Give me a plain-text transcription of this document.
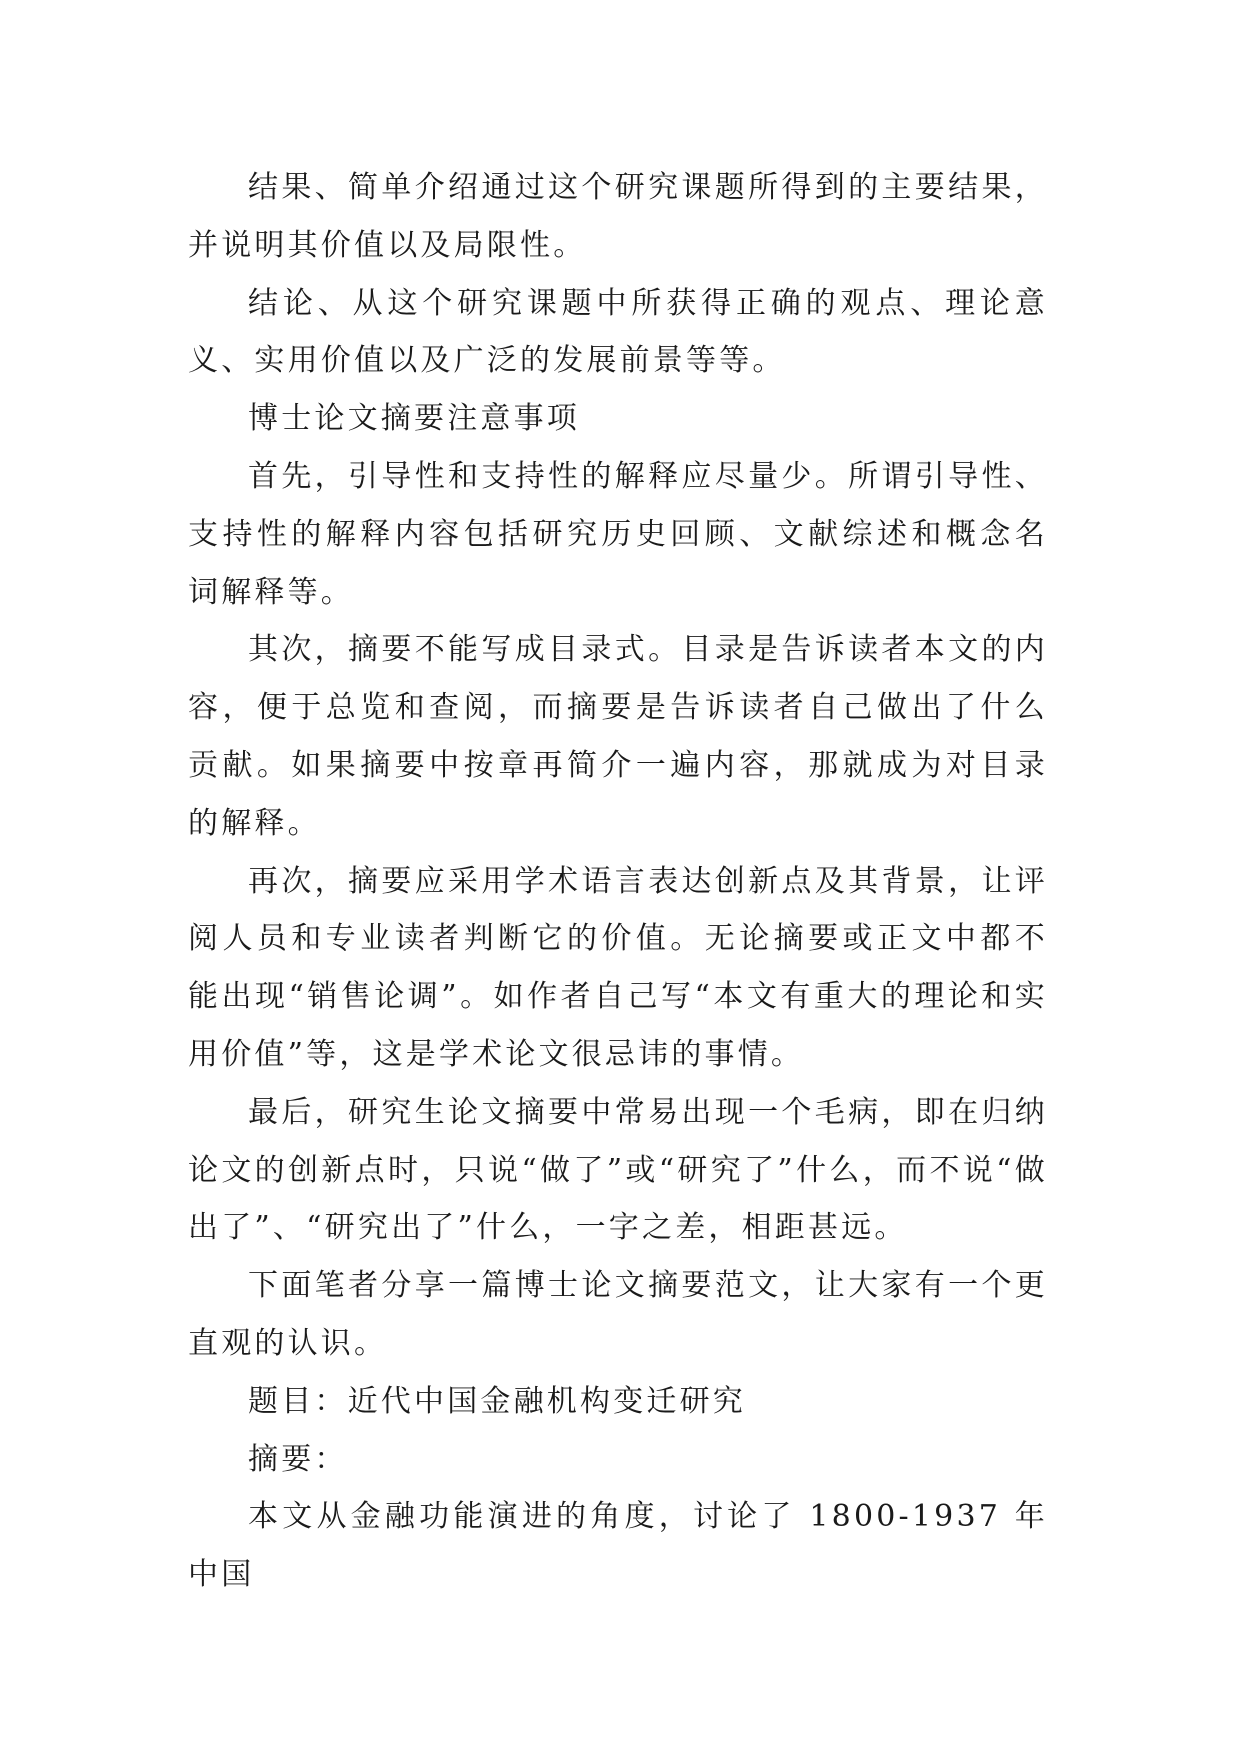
结果、简单介绍通过这个研究课题所得到的主要结果，并说明其价值以及局限性。

结论、从这个研究课题中所获得正确的观点、理论意义、实用价值以及广泛的发展前景等等。

博士论文摘要注意事项

首先，引导性和支持性的解释应尽量少。所谓引导性、支持性的解释内容包括研究历史回顾、文献综述和概念名词解释等。

其次，摘要不能写成目录式。目录是告诉读者本文的内容，便于总览和查阅，而摘要是告诉读者自己做出了什么贡献。如果摘要中按章再简介一遍内容，那就成为对目录的解释。

再次，摘要应采用学术语言表达创新点及其背景，让评阅人员和专业读者判断它的价值。无论摘要或正文中都不能出现“销售论调”。如作者自己写“本文有重大的理论和实用价值”等，这是学术论文很忌讳的事情。

最后，研究生论文摘要中常易出现一个毛病，即在归纳论文的创新点时，只说“做了”或“研究了”什么，而不说“做出了”、“研究出了”什么，一字之差，相距甚远。

下面笔者分享一篇博士论文摘要范文，让大家有一个更直观的认识。

题目：近代中国金融机构变迁研究

摘要：

本文从金融功能演进的角度，讨论了 1800-1937 年中国
